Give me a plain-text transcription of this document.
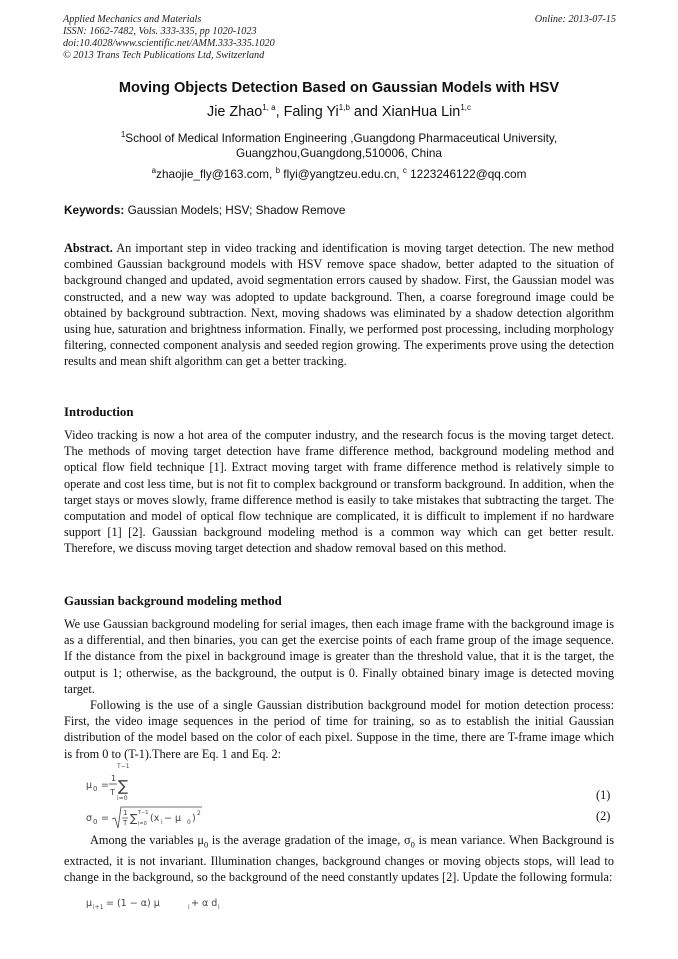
Applied Mechanics and Materials
ISSN: 1662-7482, Vols. 333-335, pp 1020-1023
doi:10.4028/www.scientific.net/AMM.333-335.1020
© 2013 Trans Tech Publications Ltd, Switzerland
Online: 2013-07-15
Moving Objects Detection Based on Gaussian Models with HSV
Jie Zhao$^{1, a}$, Faling Yi$^{1,b}$ and XianHua Lin$^{1,c}$
$^1$School of Medical Information Engineering ,Guangdong Pharmaceutical University,
Guangzhou,Guangdong,510006, China
$^a$zhaojie_fly@163.com, $^b$ flyi@yangtzeu.edu.cn, $^c$ 1223246122@qq.com
Keywords: Gaussian Models; HSV; Shadow Remove
Abstract. An important step in video tracking and identification is moving target detection. The new method combined Gaussian background models with HSV remove space shadow, better adapted to the situation of background changed and updated, avoid segmentation errors caused by shadow. First, the Gaussian model was constructed, and a new way was adopted to update background. Then, a coarse foreground image could be obtained by background subtraction. Next, moving shadows was eliminated by a shadow detection algorithm using hue, saturation and brightness information. Finally, we performed post processing, including morphology filtering, connected component analysis and seeded region growing. The experiments prove using the detection results and mean shift algorithm can get a better tracking.
Introduction
Video tracking is now a hot area of the computer industry, and the research focus is the moving target detect. The methods of moving target detection have frame difference method, background modeling method and optical flow field technique [1]. Extract moving target with frame difference method is relatively simple to operate and cost less time, but is not fit to complex background or transform background. In addition, when the target stays or moves slowly, frame difference method is easily to take mistakes that subtracting the target. The computation and model of optical flow technique are complicated, it is difficult to implement if no hardware support [1] [2]. Gaussian background modeling method is a common way which can get better result. Therefore, we discuss moving target detection and shadow removal based on this method.
Gaussian background modeling method
We use Gaussian background modeling for serial images, then each image frame with the background image is as a differential, and then binaries, you can get the exercise points of each frame group of the image sequence. If the distance from the pixel in background image is greater than the threshold value, that it is the target, the output is 1; otherwise, as the background, the output is 0. Finally obtained binary image is detected moving target.
Following is the use of a single Gaussian distribution background model for motion detection process: First, the video image sequences in the period of time for training, so as to establish the initial Gaussian distribution of the model based on the color of each pixel. Suppose in the time, there are T-frame image which is from 0 to (T-1).There are Eq. 1 and Eq. 2:
μ 0 =
1
T ∑
T−1
i=0	(1)
σ 0 = 1
T ∑ T−1
i=0 (x i − μ 0 ) 2	(2)
Among the variables $\mu_0$ is the average gradation of the image, $\sigma_0$ is mean variance. When Background is extracted, it is not invariant. Illumination changes, background changes or moving objects stops, will lead to change in the background, so the background of the need constantly updates [2]. Update the following formula:
μ i+1 = (1 − α) μ	i + α d i
